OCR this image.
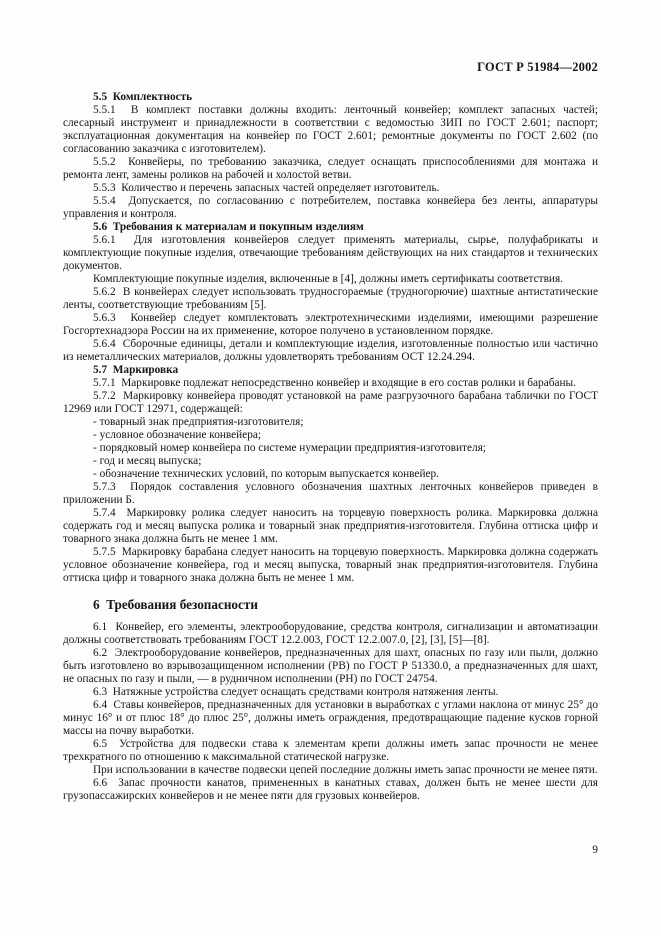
ГОСТ Р 51984—2002

5.5  Комплектность

5.5.1  В комплект поставки должны входить: ленточный конвейер; комплект запасных частей; слесарный инструмент и принадлежности в соответствии с ведомостью ЗИП по ГОСТ 2.601; паспорт; эксплуатационная документация на конвейер по ГОСТ 2.601; ремонтные документы по ГОСТ 2.602 (по согласованию заказчика с изготовителем).

5.5.2  Конвейеры, по требованию заказчика, следует оснащать приспособлениями для монтажа и ремонта лент, замены роликов на рабочей и холостой ветви.

5.5.3  Количество и перечень запасных частей определяет изготовитель.

5.5.4  Допускается, по согласованию с потребителем, поставка конвейера без ленты, аппаратуры управления и контроля.

5.6  Требования к материалам и покупным изделиям

5.6.1  Для изготовления конвейеров следует применять материалы, сырье, полуфабрикаты и комплектующие покупные изделия, отвечающие требованиям действующих на них стандартов и технических документов.

Комплектующие покупные изделия, включенные в [4], должны иметь сертификаты соответствия.

5.6.2  В конвейерах следует использовать трудносгораемые (трудногорючие) шахтные антистатические ленты, соответствующие требованиям [5].

5.6.3  Конвейер следует комплектовать электротехническими изделиями, имеющими разрешение Госгортехнадзора России на их применение, которое получено в установленном порядке.

5.6.4  Сборочные единицы, детали и комплектующие изделия, изготовленные полностью или частично из неметаллических материалов, должны удовлетворять требованиям ОСТ 12.24.294.

5.7  Маркировка

5.7.1  Маркировке подлежат непосредственно конвейер и входящие в его состав ролики и барабаны.

5.7.2  Маркировку конвейера проводят установкой на раме разгрузочного барабана таблички по ГОСТ 12969 или ГОСТ 12971, содержащей:

- товарный знак предприятия-изготовителя;

- условное обозначение конвейера;

- порядковый номер конвейера по системе нумерации предприятия-изготовителя;

- год и месяц выпуска;

- обозначение технических условий, по которым выпускается конвейер.

5.7.3  Порядок составления условного обозначения шахтных ленточных конвейеров приведен в приложении Б.

5.7.4  Маркировку ролика следует наносить на торцевую поверхность ролика. Маркировка должна содержать год и месяц выпуска ролика и товарный знак предприятия-изготовителя. Глубина оттиска цифр и товарного знака должна быть не менее 1 мм.

5.7.5  Маркировку барабана следует наносить на торцевую поверхность. Маркировка должна содержать условное обозначение конвейера, год и месяц выпуска, товарный знак предприятия-изготовителя. Глубина оттиска цифр и товарного знака должна быть не менее 1 мм.

6  Требования безопасности

6.1  Конвейер, его элементы, электрооборудование, средства контроля, сигнализации и автоматизации должны соответствовать требованиям ГОСТ 12.2.003, ГОСТ 12.2.007.0, [2], [3], [5]—[8].

6.2  Электрооборудование конвейеров, предназначенных для шахт, опасных по газу или пыли, должно быть изготовлено во взрывозащищенном исполнении (РВ) по ГОСТ Р 51330.0, а предназначенных для шахт, не опасных по газу и пыли, — в рудничном исполнении (РН) по ГОСТ 24754.

6.3  Натяжные устройства следует оснащать средствами контроля натяжения ленты.

6.4  Ставы конвейеров, предназначенных для установки в выработках с углами наклона от минус 25° до минус 16° и от плюс 18° до плюс 25°, должны иметь ограждения, предотвращающие падение кусков горной массы на почву выработки.

6.5  Устройства для подвески става к элементам крепи должны иметь запас прочности не менее трехкратного по отношению к максимальной статической нагрузке.

При использовании в качестве подвески цепей последние должны иметь запас прочности не менее пяти.

6.6  Запас прочности канатов, примененных в канатных ставах, должен быть не менее шести для грузопассажирских конвейеров и не менее пяти для грузовых конвейеров.

9
